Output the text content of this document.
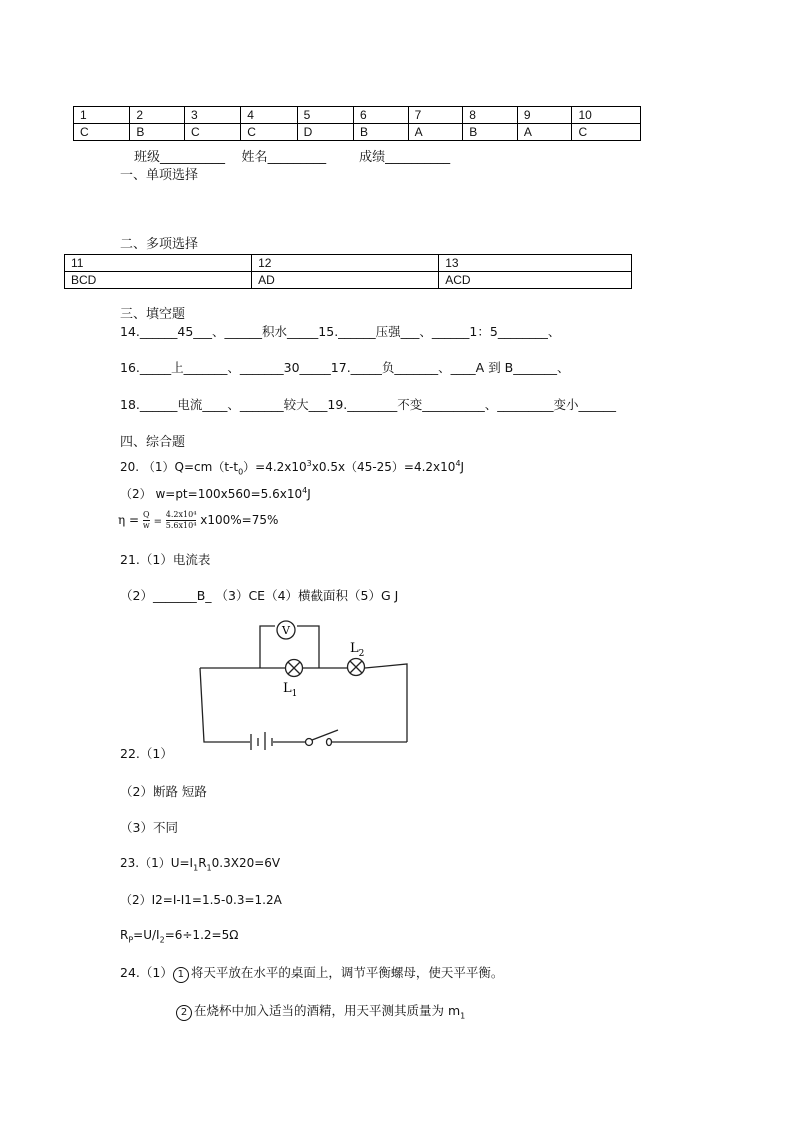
1	2	3	4	5	6	7	8	9	10
C	B	C	C	D	B	A	B	A	C
班级__________ 姓名_________	成绩__________
一、单项选择
二、多项选择
11	12	13
BCD	AD	ACD
三、填空题
14.______45___、______积水_____15.______压强___、______1：5________、
16._____上_______、_______30_____17._____负_______、____A 到 B_______、
18.______电流____、_______较大___19.________不变__________、_________变小______
四、综合题
20. $(1)Q=cm(t-t_0)=4.2x10^3x0.5x(45-25)=4.2x10^4J$
（2） $w=pt=100x560=5.6x10^4J$
$\eta = \frac{Q}{w} = \frac{\text{4.2x10⁴}}{\text{5.6x10⁴}} x100\%=75\%$
21.（1）电流表
（2）_______B_ （3）CE（4）横截面积（5）G J
V
$L_1$
$L_2$
22.（1）
（2）断路 短路
（3）不同
$23.(1)U=I_1R_10.3X20=6V$
（2）I2=I-I1=1.5-0.3=1.2A
$R_P=U/I_2=6\div 1.2=5\Omega$
24.（1） 1 将天平放在水平的桌面上，调节平衡螺母，使天平平衡。
2 在烧杯中加入适当的酒精，用天平测其质量为 $m_1$
